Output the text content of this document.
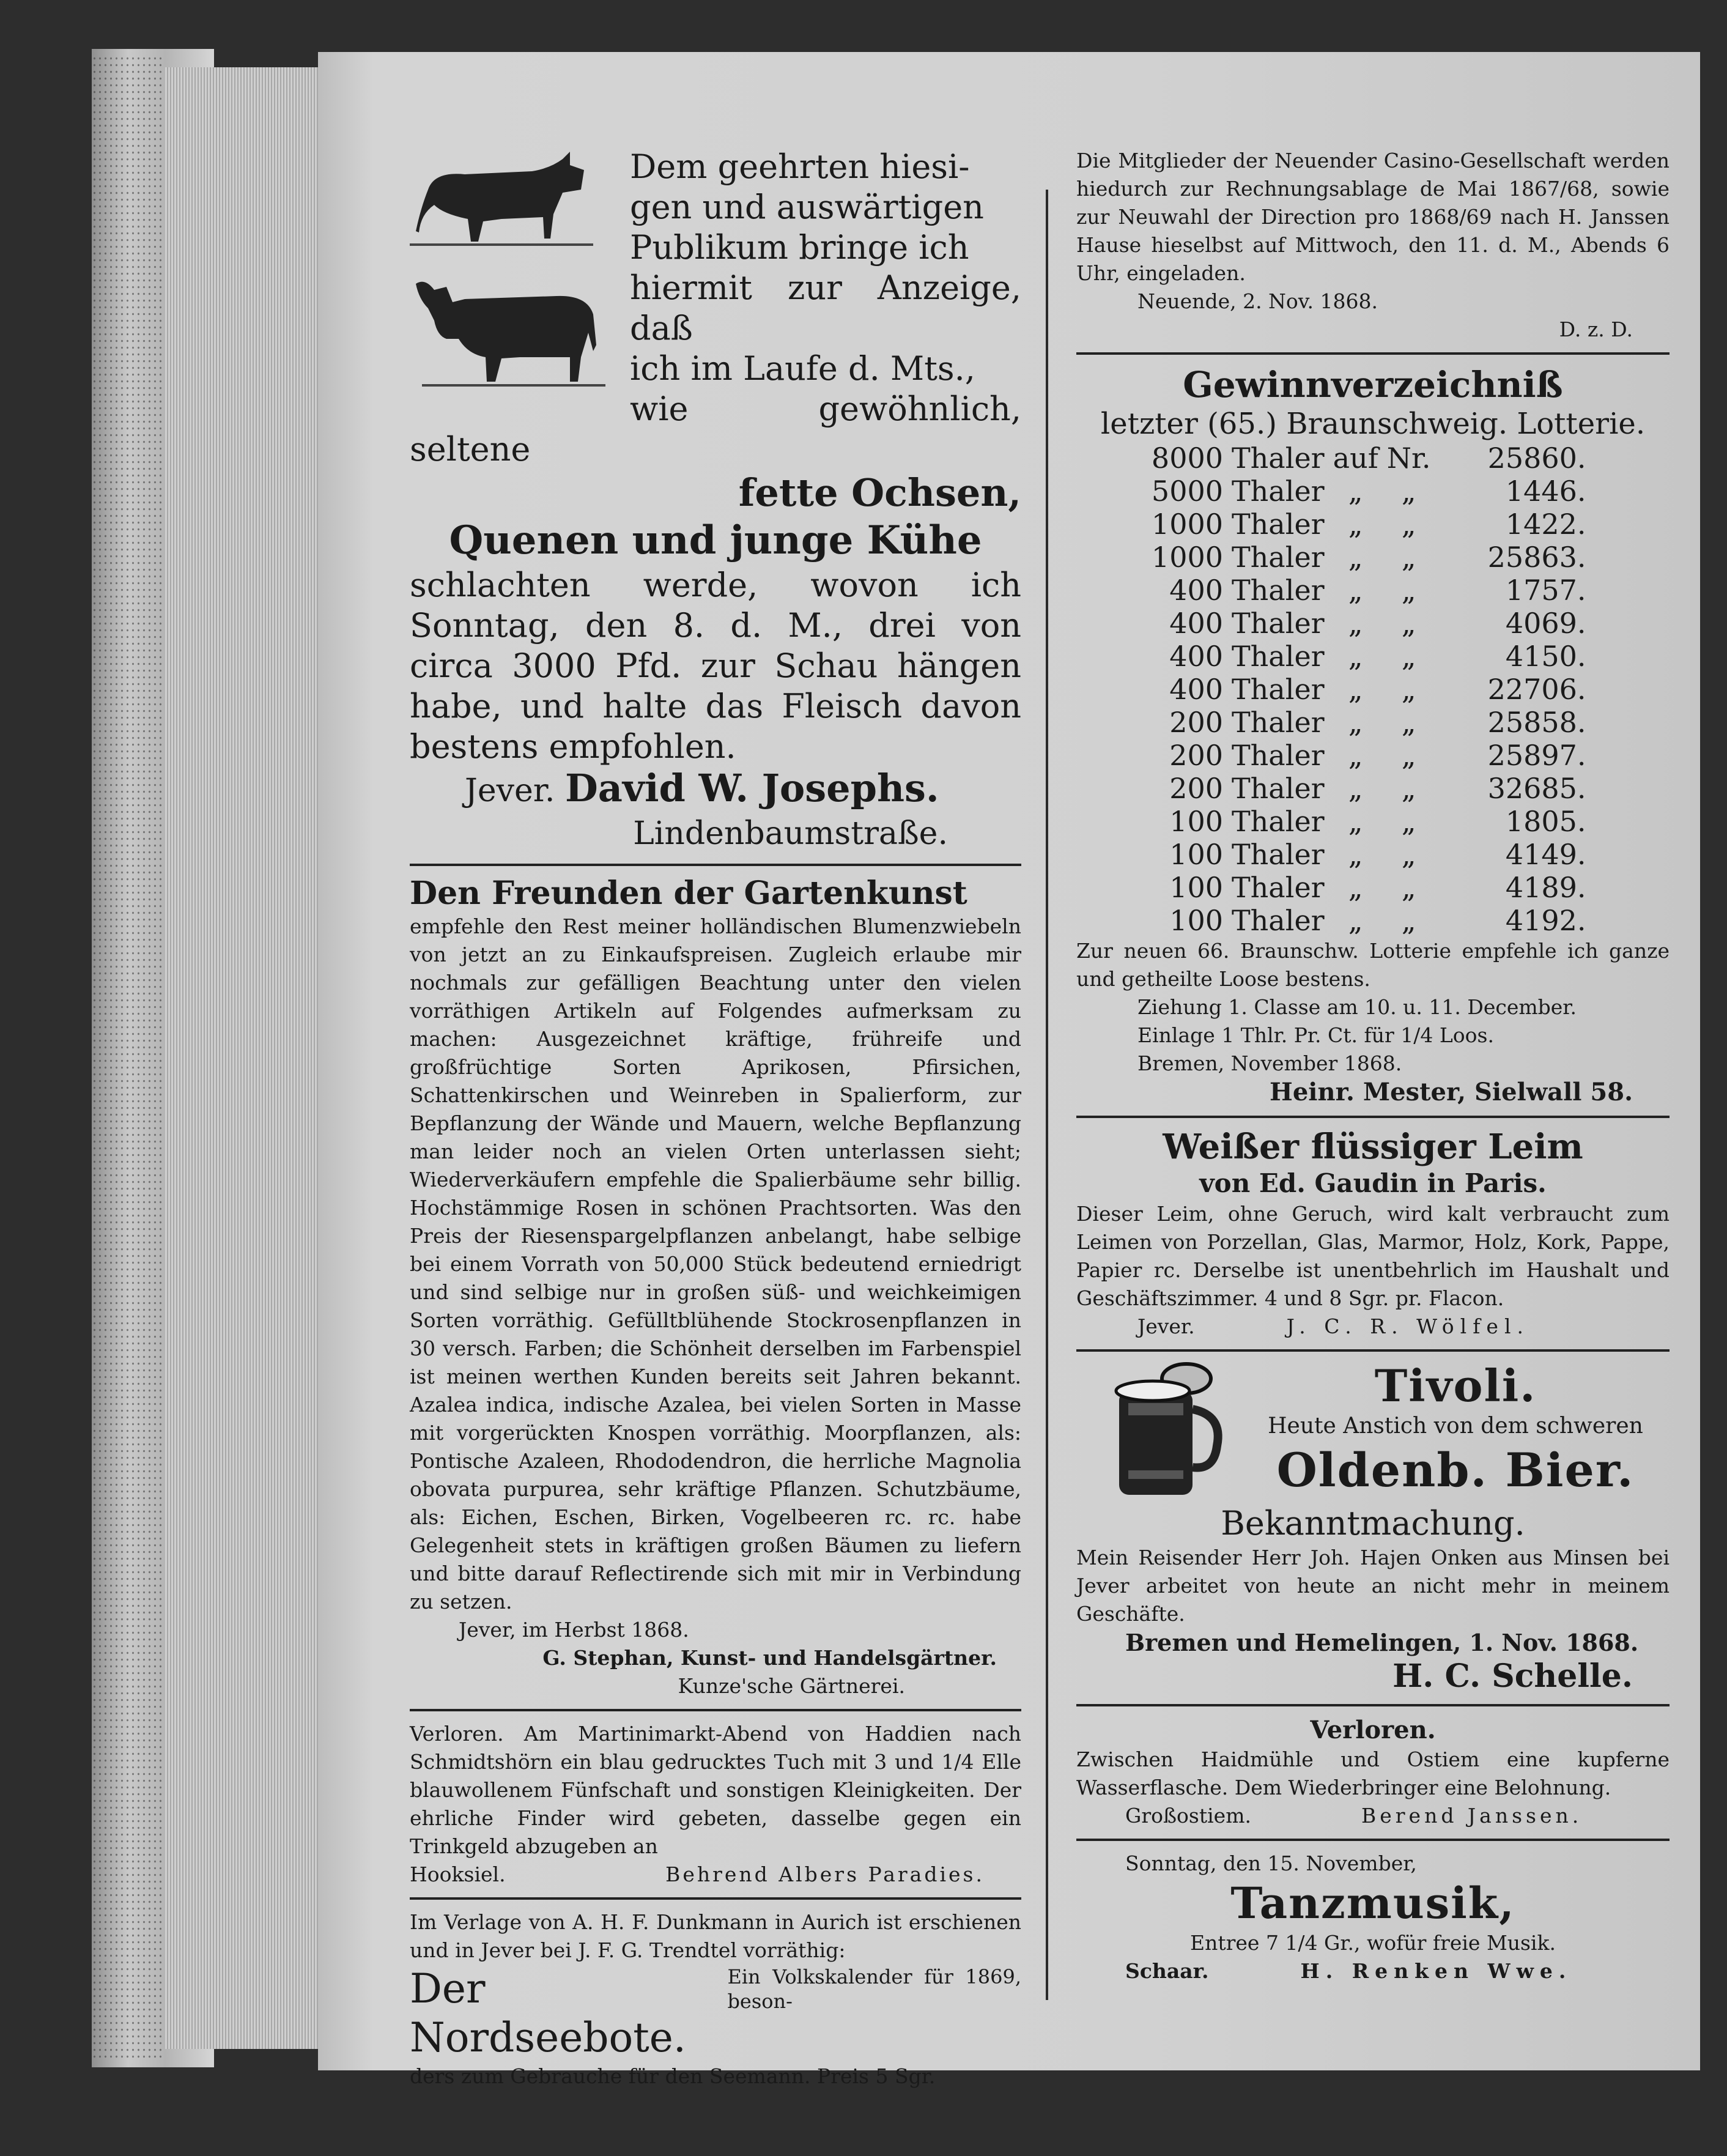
Dem geehrten hiesi-
gen und auswärtigen
Publikum bringe ich
hiermit zur Anzeige, daß
ich im Laufe d. Mts.,
wie gewöhnlich, seltene
fette Ochsen,
Quenen und junge Kühe

schlachten werde, wovon ich Sonntag, den 8. d. M., drei von circa 3000 Pfd. zur Schau hängen habe, und halte das Fleisch davon bestens empfohlen.

Jever. David W. Josephs.
Lindenbaumstraße.
Den Freunden der Gartenkunst

empfehle den Rest meiner holländischen Blumenzwiebeln von jetzt an zu Einkaufspreisen. Zugleich erlaube mir nochmals zur gefälligen Beachtung unter den vielen vorräthigen Artikeln auf Folgendes aufmerksam zu machen: Ausgezeichnet kräftige, frühreife und großfrüchtige Sorten Aprikosen, Pfirsichen, Schattenkirschen und Weinreben in Spalierform, zur Bepflanzung der Wände und Mauern, welche Bepflanzung man leider noch an vielen Orten unterlassen sieht; Wiederverkäufern empfehle die Spalierbäume sehr billig. Hochstämmige Rosen in schönen Prachtsorten. Was den Preis der Riesenspargelpflanzen anbelangt, habe selbige bei einem Vorrath von 50,000 Stück bedeutend erniedrigt und sind selbige nur in großen süß- und weichkeimigen Sorten vorräthig. Gefülltblühende Stockrosenpflanzen in 30 versch. Farben; die Schönheit derselben im Farbenspiel ist meinen werthen Kunden bereits seit Jahren bekannt. Azalea indica, indische Azalea, bei vielen Sorten in Masse mit vorgerückten Knospen vorräthig. Moorpflanzen, als: Pontische Azaleen, Rhododendron, die herrliche Magnolia obovata purpurea, sehr kräftige Pflanzen. Schutzbäume, als: Eichen, Eschen, Birken, Vogelbeeren rc. rc. habe Gelegenheit stets in kräftigen großen Bäumen zu liefern und bitte darauf Reflectirende sich mit mir in Verbindung zu setzen.

Jever, im Herbst 1868.

G. Stephan, Kunst- und Handelsgärtner.

Kunze'sche Gärtnerei.

Verloren. Am Martinimarkt-Abend von Haddien nach Schmidtshörn ein blau gedrucktes Tuch mit 3 und 1/4 Elle blauwollenem Fünfschaft und sonstigen Kleinigkeiten. Der ehrliche Finder wird gebeten, dasselbe gegen ein Trinkgeld abzugeben an

Hooksiel.	Behrend Albers Paradies.

Im Verlage von A. H. F. Dunkmann in Aurich ist erschienen und in Jever bei J. F. G. Trendtel vorräthig:

Der Nordseebote.
Ein Volkskalender für 1869, beson-

ders zum Gebrauche für den Seemann. Preis 5 Sgr.

Die Mitglieder der Neuender Casino-Gesellschaft werden hiedurch zur Rechnungsablage de Mai 1867/68, sowie zur Neuwahl der Direction pro 1868/69 nach H. Janssen Hause hieselbst auf Mittwoch, den 11. d. M., Abends 6 Uhr, eingeladen.

Neuende, 2. Nov. 1868.

D. z. D.

Gewinnverzeichniß
letzter (65.) Braunschweig. Lotterie.
8000	Thaler	auf	Nr.	25860.
5000	Thaler	„	„	1446.
1000	Thaler	„	„	1422.
1000	Thaler	„	„	25863.
400	Thaler	„	„	1757.
400	Thaler	„	„	4069.
400	Thaler	„	„	4150.
400	Thaler	„	„	22706.
200	Thaler	„	„	25858.
200	Thaler	„	„	25897.
200	Thaler	„	„	32685.
100	Thaler	„	„	1805.
100	Thaler	„	„	4149.
100	Thaler	„	„	4189.
100	Thaler	„	„	4192.

Zur neuen 66. Braunschw. Lotterie empfehle ich ganze und getheilte Loose bestens.

Ziehung 1. Classe am 10. u. 11. December.

Einlage 1 Thlr. Pr. Ct. für 1/4 Loos.

Bremen, November 1868.

Heinr. Mester, Sielwall 58.

Weißer flüssiger Leim
von Ed. Gaudin in Paris.

Dieser Leim, ohne Geruch, wird kalt verbraucht zum Leimen von Porzellan, Glas, Marmor, Holz, Kork, Pappe, Papier rc. Derselbe ist unentbehrlich im Haushalt und Geschäftszimmer. 4 und 8 Sgr. pr. Flacon.

Jever.	J. C. R. Wölfel.

Tivoli.
Heute Anstich von dem schweren
Oldenb. Bier.
Bekanntmachung.

Mein Reisender Herr Joh. Hajen Onken aus Minsen bei Jever arbeitet von heute an nicht mehr in meinem Geschäfte.

Bremen und Hemelingen, 1. Nov. 1868.

H. C. Schelle.

Verloren.

Zwischen Haidmühle und Ostiem eine kupferne Wasserflasche. Dem Wiederbringer eine Belohnung.

Großostiem.	Berend Janssen.

Sonntag, den 15. November,

Tanzmusik,

Entree 7 1/4 Gr., wofür freie Musik.

Schaar.	H. Renken Wwe.
